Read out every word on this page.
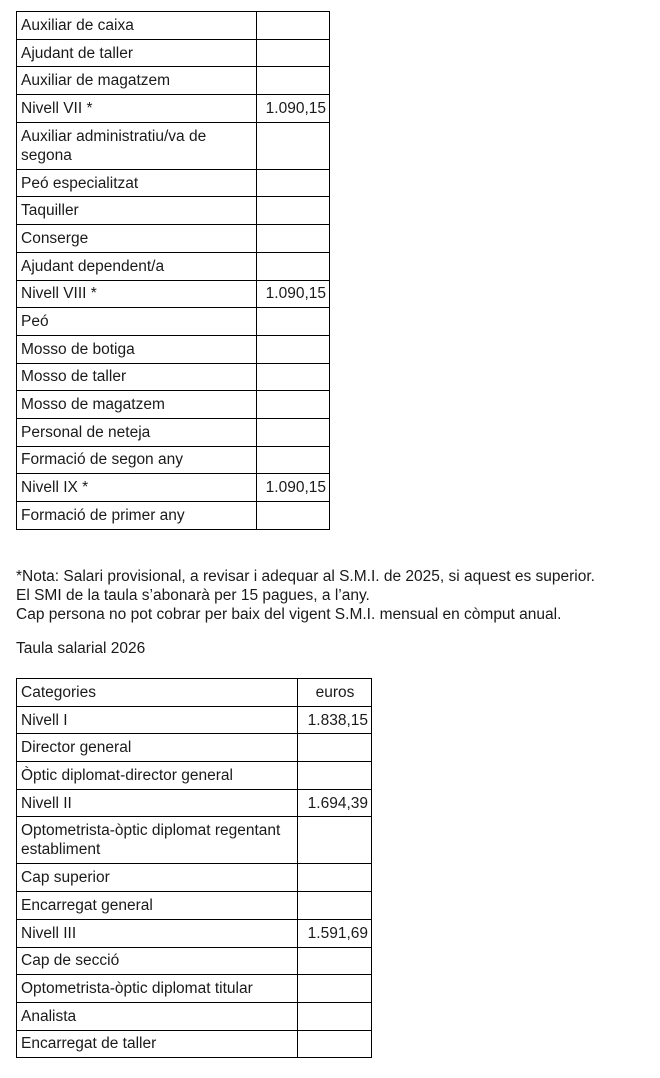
Auxiliar de caixa	
Ajudant de taller	
Auxiliar de magatzem	
Nivell VII *	1.090,15
Auxiliar administratiu/va de segona	
Peó especialitzat	
Taquiller	
Conserge	
Ajudant dependent/a	
Nivell VIII *	1.090,15
Peó	
Mosso de botiga	
Mosso de taller	
Mosso de magatzem	
Personal de neteja	
Formació de segon any	
Nivell IX *	1.090,15
Formació de primer any	
*Nota: Salari provisional, a revisar i adequar al S.M.I. de 2025, si aquest es superior.
El SMI de la taula s’abonarà per 15 pagues, a l’any.
Cap persona no pot cobrar per baix del vigent S.M.I. mensual en còmput anual.
Taula salarial 2026
Categories	euros
Nivell I	1.838,15
Director general	
Òptic diplomat-director general	
Nivell II	1.694,39
Optometrista-òptic diplomat regentant establiment	
Cap superior	
Encarregat general	
Nivell III	1.591,69
Cap de secció	
Optometrista-òptic diplomat titular	
Analista	
Encarregat de taller	
